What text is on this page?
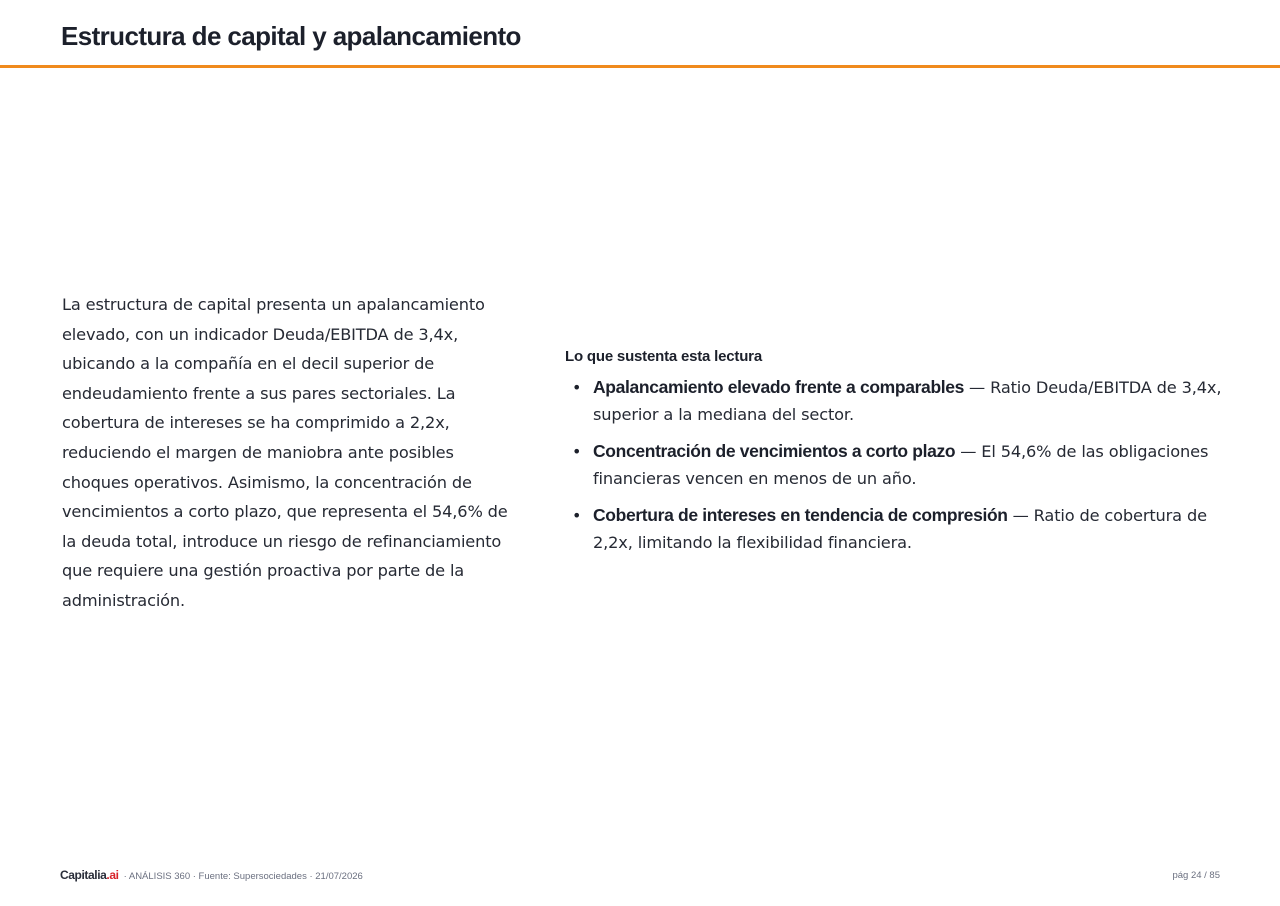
Estructura de capital y apalancamiento

La estructura de capital presenta un apalancamiento elevado, con un indicador Deuda/EBITDA de 3,4x, ubicando a la compañía en el decil superior de endeudamiento frente a sus pares sectoriales. La cobertura de intereses se ha comprimido a 2,2x, reduciendo el margen de maniobra ante posibles choques operativos. Asimismo, la concentración de vencimientos a corto plazo, que representa el 54,6% de la deuda total, introduce un riesgo de refinanciamiento que requiere una gestión proactiva por parte de la administración.

Lo que sustenta esta lectura
• Apalancamiento elevado frente a comparables — Ratio Deuda/EBITDA de 3,4x, superior a la mediana del sector.
• Concentración de vencimientos a corto plazo — El 54,6% de las obligaciones financieras vencen en menos de un año.
• Cobertura de intereses en tendencia de compresión — Ratio de cobertura de 2,2x, limitando la flexibilidad financiera.
Capitalia.ai · ANÁLISIS 360 · Fuente: Supersociedades · 21/07/2026	pág 24 / 85
